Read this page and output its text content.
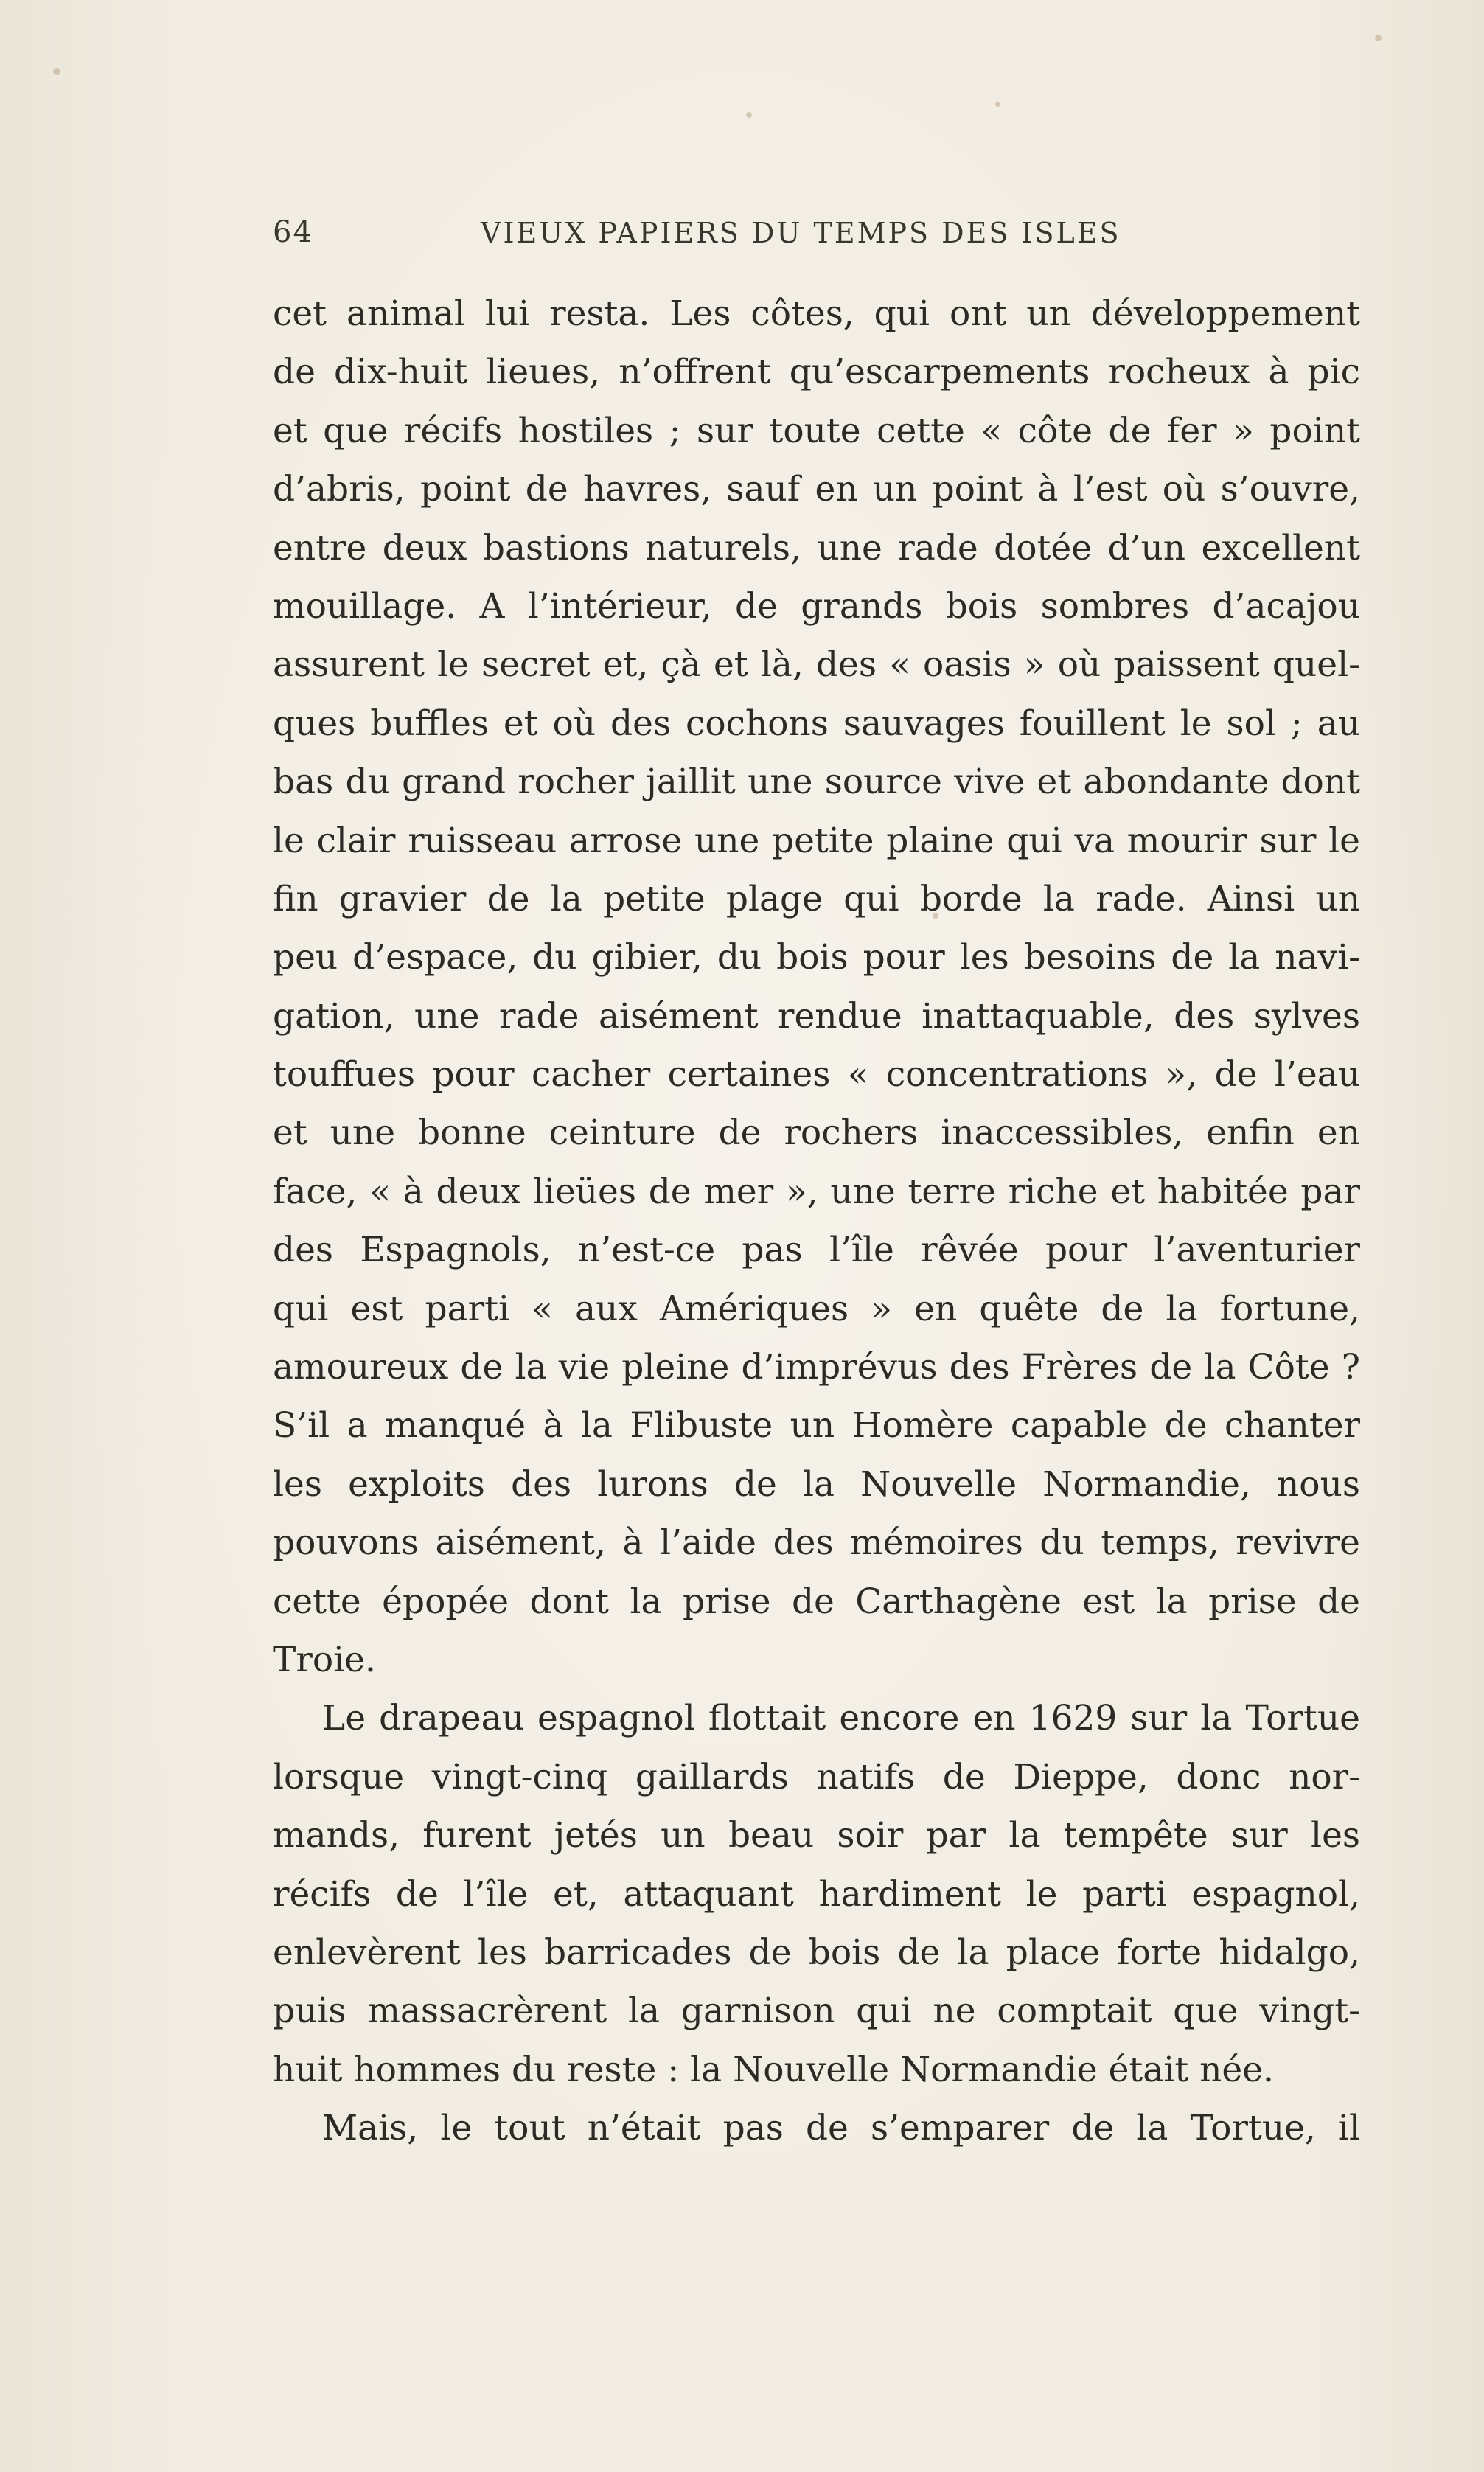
64	VIEUX PAPIERS DU TEMPS DES ISLES
cet animal lui resta. Les côtes, qui ont un développement
de dix-huit lieues, n’offrent qu’escarpements rocheux à pic
et que récifs hostiles ; sur toute cette « côte de fer » point
d’abris, point de havres, sauf en un point à l’est où s’ouvre,
entre deux bastions naturels, une rade dotée d’un excellent
mouillage. A l’intérieur, de grands bois sombres d’acajou
assurent le secret et, çà et là, des « oasis » où paissent quel-
ques buffles et où des cochons sauvages fouillent le sol ; au
bas du grand rocher jaillit une source vive et abondante dont
le clair ruisseau arrose une petite plaine qui va mourir sur le
fin gravier de la petite plage qui borde la rade. Ainsi un
peu d’espace, du gibier, du bois pour les besoins de la navi-
gation, une rade aisément rendue inattaquable, des sylves
touffues pour cacher certaines « concentrations », de l’eau
et une bonne ceinture de rochers inaccessibles, enfin en
face, « à deux lieües de mer », une terre riche et habitée par
des Espagnols, n’est-ce pas l’île rêvée pour l’aventurier
qui est parti « aux Amériques » en quête de la fortune,
amoureux de la vie pleine d’imprévus des Frères de la Côte ?
S’il a manqué à la Flibuste un Homère capable de chanter
les exploits des lurons de la Nouvelle Normandie, nous
pouvons aisément, à l’aide des mémoires du temps, revivre
cette épopée dont la prise de Carthagène est la prise de
Troie.
Le drapeau espagnol flottait encore en 1629 sur la Tortue
lorsque vingt-cinq gaillards natifs de Dieppe, donc nor-
mands, furent jetés un beau soir par la tempête sur les
récifs de l’île et, attaquant hardiment le parti espagnol,
enlevèrent les barricades de bois de la place forte hidalgo,
puis massacrèrent la garnison qui ne comptait que vingt-
huit hommes du reste : la Nouvelle Normandie était née.
Mais, le tout n’était pas de s’emparer de la Tortue, il
